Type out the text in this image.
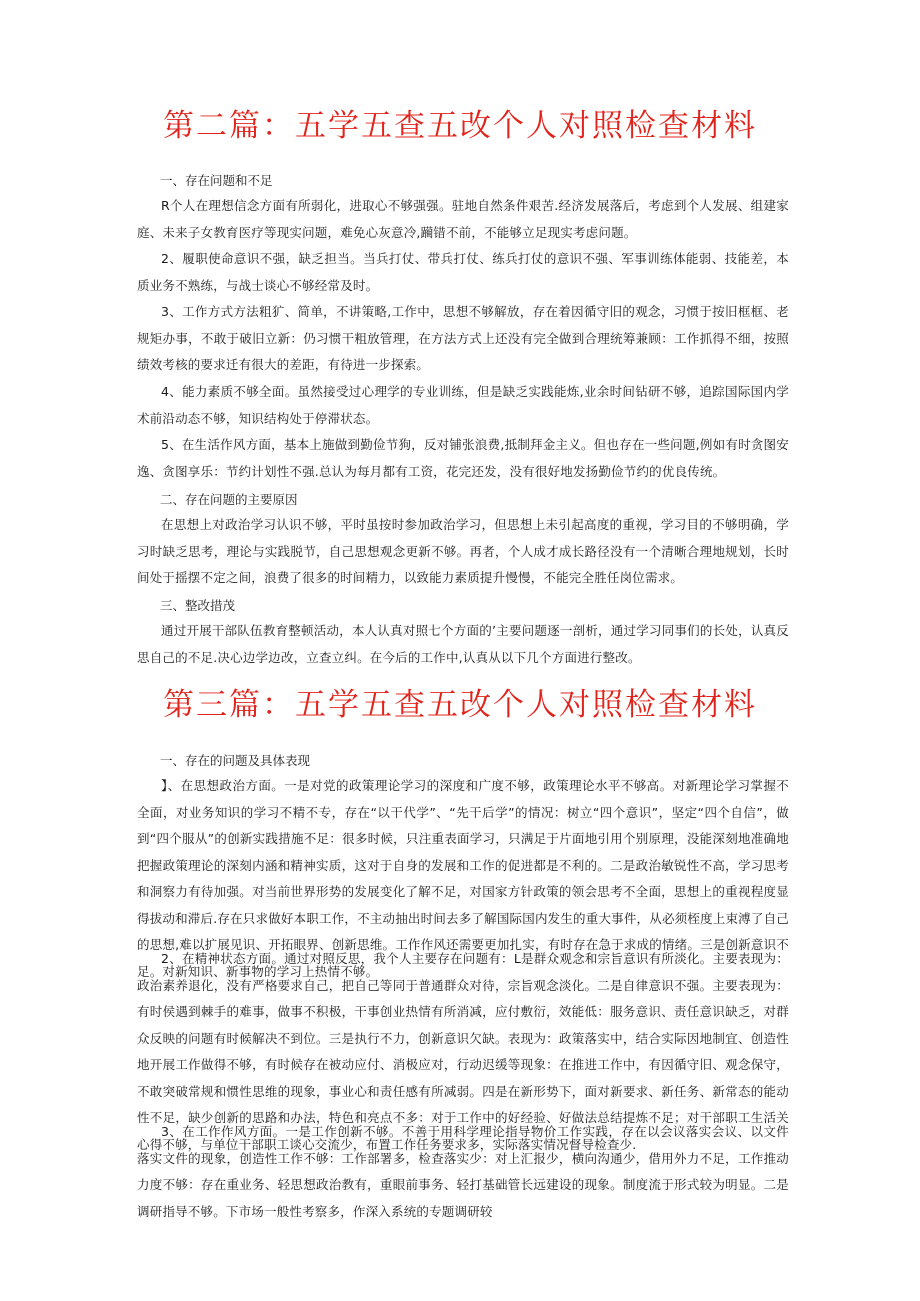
第二篇：五学五查五改个人对照检查材料
一、存在问题和不足
R个人在理想信念方面有所弱化，进取心不够强强。驻地自然条件艰苦.经济发展落后，考虑到个人发展、组建家庭、未来子女教育医疗等现实问题，难免心灰意冷,躏错不前，不能够立足现实考虑问题。
2、履职使命意识不强，缺乏担当。当兵打仗、带兵打仗、练兵打仗的意识不强、军事训练体能弱、技能差，本质业务不熟练，与战士谈心不够经常及时。
3、工作方式方法粗犷、简单，不讲策略,工作中，思想不够解放，存在着因循守旧的观念，习惯于按旧框框、老规矩办事，不敢于破旧立新：仍习惯干粗放管理，在方法方式上还没有完全做到合理统筹兼顾：工作抓得不细，按照绩效考核的要求迁有很大的差距，有待进一步探索。
4、能力素质不够全面。虽然接受过心理学的专业训练，但是缺乏实践能炼,业余时间钻研不够，追踪国际国内学术前沿动态不够，知识结构处于停滞状态。
5、在生活作风方面，基本上施做到勤俭节狗，反对铺张浪费,抵制拜金主义。但也存在一些问题,例如有时贪图安逸、贪图享乐：节约计划性不强.总认为每月都有工资，花完还发，没有很好地发扬勤俭节约的优良传统。
二、存在问题的主要原因
在思想上对政治学习认识不够，平时虽按时参加政治学习，但思想上未引起高度的重视，学习目的不够明确，学习时缺乏思考，理论与实践脱节，自己思想观念更新不够。再者，个人成才成长路径没有一个清晰合理地规划，长时间处于摇摆不定之间，浪费了很多的时间精力，以致能力素质提升慢慢，不能完全胜任岗位需求。
三、整改措茂
通过开展干部队伍教育整顿活动，本人认真对照七个方面的’主要问题逐一剖析，通过学习同事们的长处，认真反思自己的不足.决心边学边改，立查立纠。在今后的工作中,认真从以下几个方面进行整改。
第三篇：五学五查五改个人对照检查材料
一、存在的问题及具体表现
】、在思想政治方面。一是对党的政策理论学习的深度和广度不够，政策理论水平不够高。对新理论学习掌握不全面，对业务知识的学习不精不专，存在“以干代学”、“先干后学”的情况：树立“四个意识”，坚定“四个自信”，做到“四个服从”的创新实践措施不足：很多时候，只注重表面学习，只满足于片面地引用个别原理，没能深刻地准确地把握政策理论的深刻内涵和精神实质，这对于自身的发展和工作的促进都是不利的。二是政治敏锐性不高，学习思考和洞察力有待加强。对当前世界形势的发展变化了解不足，对国家方针政策的领会思考不全面，思想上的重视程度显得拔动和滞后.存在只求做好本职工作，不主动抽出时间去多了解国际国内发生的重大事件，从必须桎度上束溥了自己的思想,难以扩展见识、开拓眼界、创新思维。工作作风还需要更加扎实，有时存在急于求成的情绪。三是创新意识不足。对新知识、新事物的学习上热情不够。
2、在精神状态方面。通过对照反思，我个人主要存在问题有：L是群众观念和宗旨意识有所淡化。主要表现为：政治素养退化，没有严格要求自己，把自己等同于普通群众对待，宗旨观念淡化。二是自律意识不强。主要表现为：有时侯遇到棘手的难事，做事不积极，干事创业热情有所消减，应付敷衍，效能低：服务意识、责任意识缺乏，对群众反映的问题有时候解决不到位。三是执行不力，创新意识欠缺。表现为：政策落实中，结合实际因地制宜、创造性地开展工作做得不够，有时候存在被动应付、消极应对，行动迟缓等现象：在推进工作中，有因循守旧、观念保守，不敢突破常规和惯性思维的现象，事业心和责任感有所减弱。四是在新形势下，面对新要求、新任务、新常态的能动性不足，缺少创新的思路和办法，特色和亮点不多：对于工作中的好经验、好做法总结提炼不足；对干部职工生活关心得不够，与单位干部职工谈心交流少，布置工作任务要求多，实际落实情况督导检查少.
3、在工作作风方面。一是工作创新不够。不善于用科学理论指导物价工作实践，存在以会议落实会议、以文件落实文件的现象，创造性工作不够：工作部署多，检查落实少：对上汇报少，横向沟通少，借用外力不足，工作推动力度不够：存在重业务、轻思想政治教有，重眼前事务、轻打基础管长远建设的现象。制度流于形式较为明显。二是调研指导不够。下市场一般性考察多，作深入系统的专题调研较
